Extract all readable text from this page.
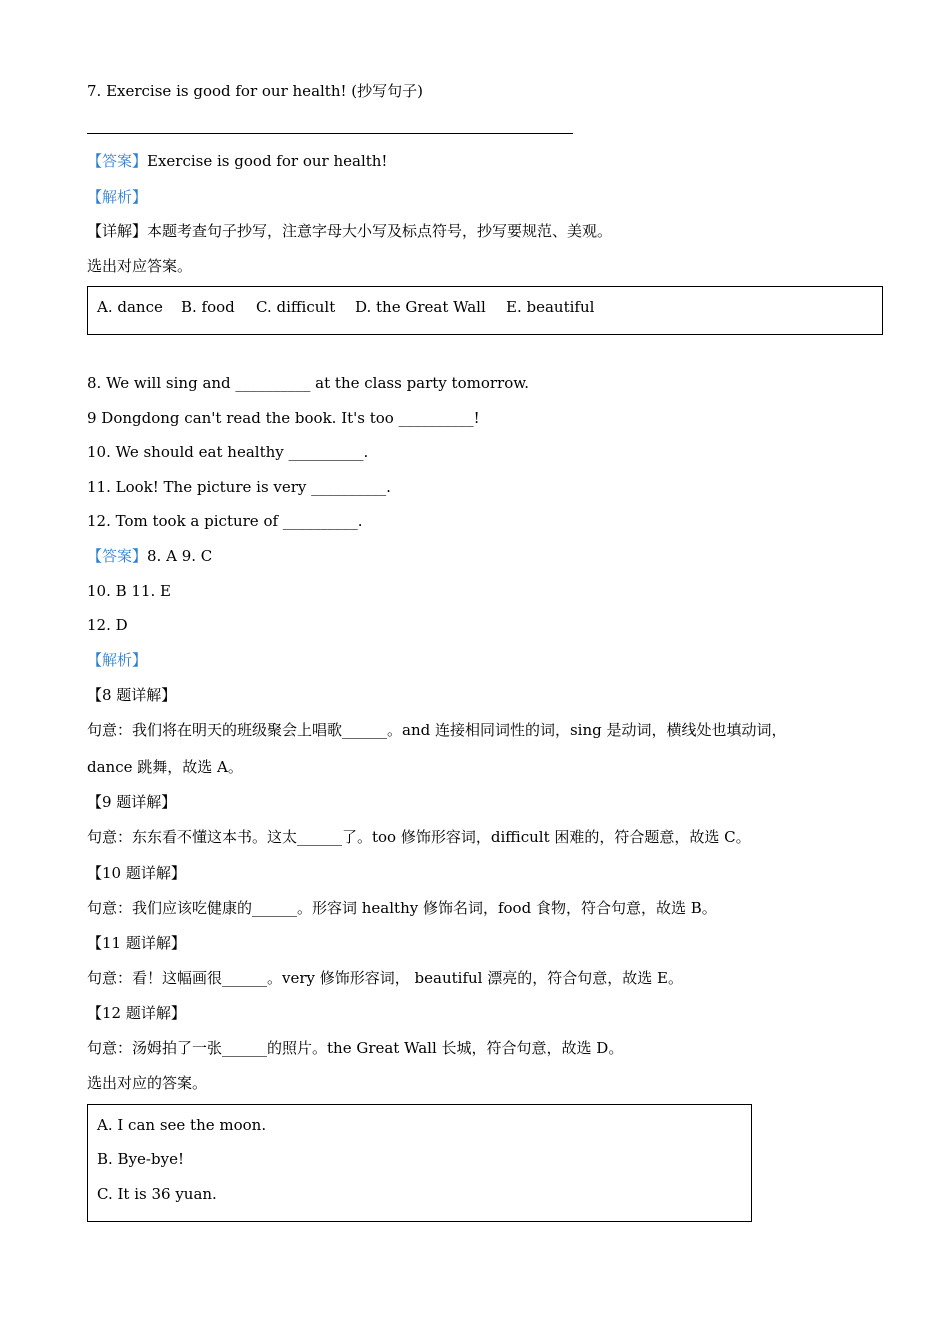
7. Exercise is good for our health! (抄写句子)
【答案】Exercise is good for our health!
【解析】
【详解】本题考查句子抄写，注意字母大小写及标点符号，抄写要规范、美观。
选出对应答案。
A. dance B. food C. difficult D. the Great Wall E. beautiful
8. We will sing and __________ at the class party tomorrow.
9 Dongdong can't read the book. It's too __________!
10. We should eat healthy __________.
11. Look! The picture is very __________.
12. Tom took a picture of __________.
【答案】8. A 9. C
10. B 11. E
12. D
【解析】
【8 题详解】
句意：我们将在明天的班级聚会上唱歌______。and 连接相同词性的词，sing 是动词，横线处也填动词，
dance 跳舞，故选 A。
【9 题详解】
句意：东东看不懂这本书。这太______了。too 修饰形容词，difficult 困难的，符合题意，故选 C。
【10 题详解】
句意：我们应该吃健康的______。形容词 healthy 修饰名词，food 食物，符合句意，故选 B。
【11 题详解】
句意：看！这幅画很______。very 修饰形容词， beautiful 漂亮的，符合句意，故选 E。
【12 题详解】
句意：汤姆拍了一张______的照片。the Great Wall 长城，符合句意，故选 D。
选出对应的答案。
A. I can see the moon.
B. Bye-bye!
C. It is 36 yuan.
